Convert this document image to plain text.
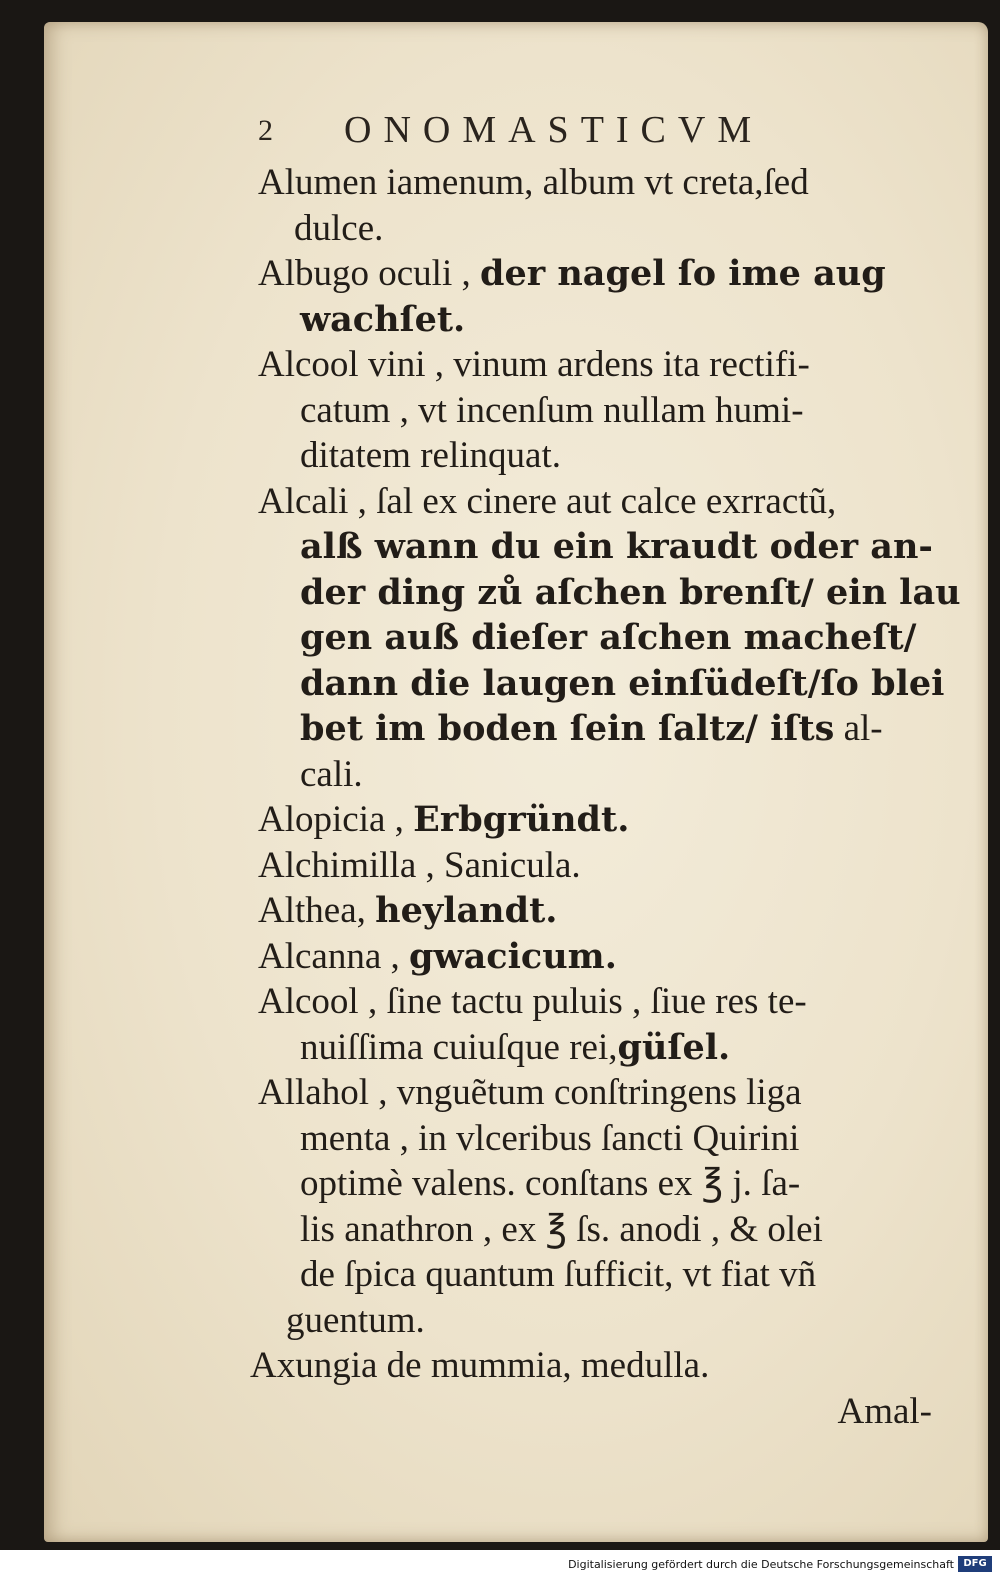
2 ONOMASTICVM
Alumen iamenum, album vt creta,ſed
dulce.
Albugo oculi , der nagel ſo ime aug
wachſet.
Alcool vini , vinum ardens ita rectifi-
catum , vt incenſum nullam humi-
ditatem relinquat.
Alcali , ſal ex cinere aut calce exrractũ,
alß wann du ein kraudt oder an-
der ding zů aſchen brenſt/ ein lau
gen auß dieſer aſchen macheſt/
dann die laugen einſüdeſt/ſo blei
bet im boden ſein ſaltz/ iſts al-
cali.
Alopicia , Erbgründt.
Alchimilla , Sanicula.
Althea, heylandt.
Alcanna , gwacicum.
Alcool , ſine tactu puluis , ſiue res te-
nuiſſima cuiuſque rei,güſel.
Allahol , vnguẽtum conſtringens liga
menta , in vlceribus ſancti Quirini
optimè valens. conſtans ex ℥ j. ſa-
lis anathron , ex ℥ ſs. anodi , & olei
de ſpica quantum ſufficit, vt fiat vñ
guentum.
Axungia de mummia, medulla.
Amal-
Digitalisierung gefördert durch die Deutsche Forschungsgemeinschaft DFG
